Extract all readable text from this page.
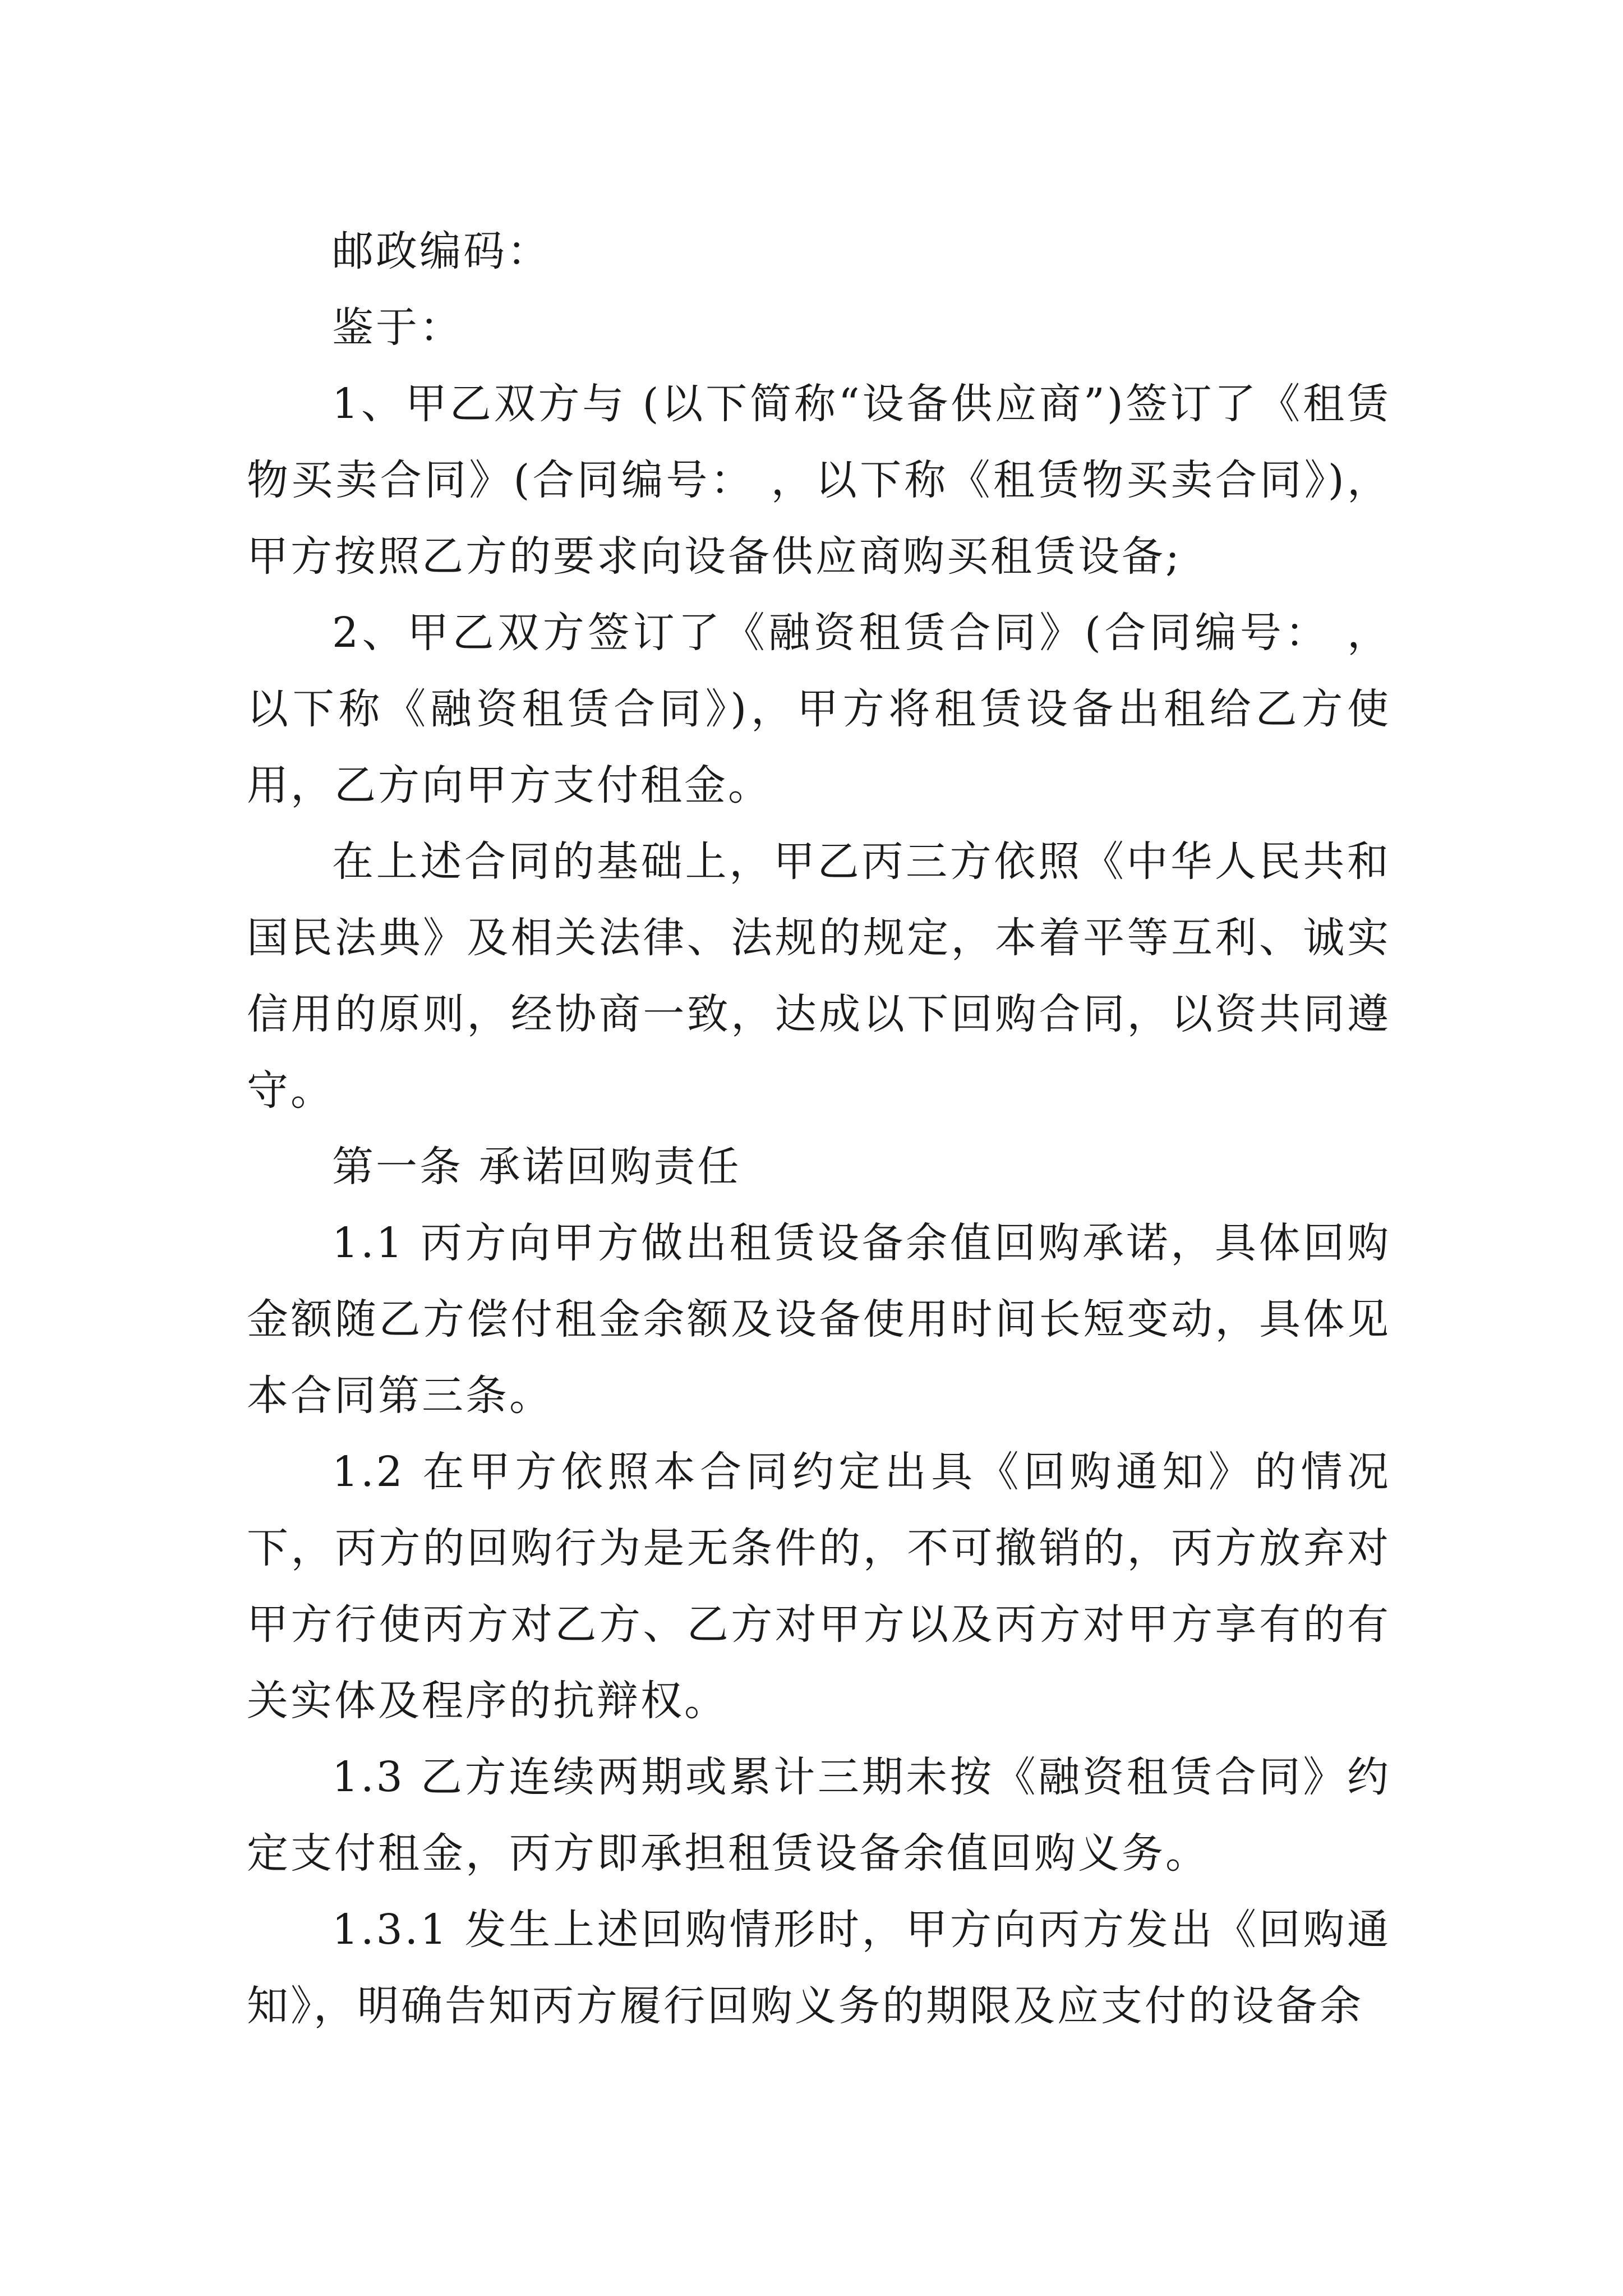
邮政编码：

鉴于：

1、甲乙双方与 (以下简称“设备供应商”)签订了《租赁物买卖合同》(合同编号： ，以下称《租赁物买卖合同》)，甲方按照乙方的要求向设备供应商购买租赁设备;

2、甲乙双方签订了《融资租赁合同》(合同编号： ，以下称《融资租赁合同》)，甲方将租赁设备出租给乙方使用，乙方向甲方支付租金。

在上述合同的基础上，甲乙丙三方依照《中华人民共和国民法典》及相关法律、法规的规定，本着平等互利、诚实信用的原则，经协商一致，达成以下回购合同，以资共同遵守。

第一条 承诺回购责任

1.1 丙方向甲方做出租赁设备余值回购承诺，具体回购金额随乙方偿付租金余额及设备使用时间长短变动，具体见本合同第三条。

1.2 在甲方依照本合同约定出具《回购通知》的情况下，丙方的回购行为是无条件的，不可撤销的，丙方放弃对甲方行使丙方对乙方、乙方对甲方以及丙方对甲方享有的有关实体及程序的抗辩权。

1.3 乙方连续两期或累计三期未按《融资租赁合同》约定支付租金，丙方即承担租赁设备余值回购义务。

1.3.1 发生上述回购情形时，甲方向丙方发出《回购通知》，明确告知丙方履行回购义务的期限及应支付的设备余
